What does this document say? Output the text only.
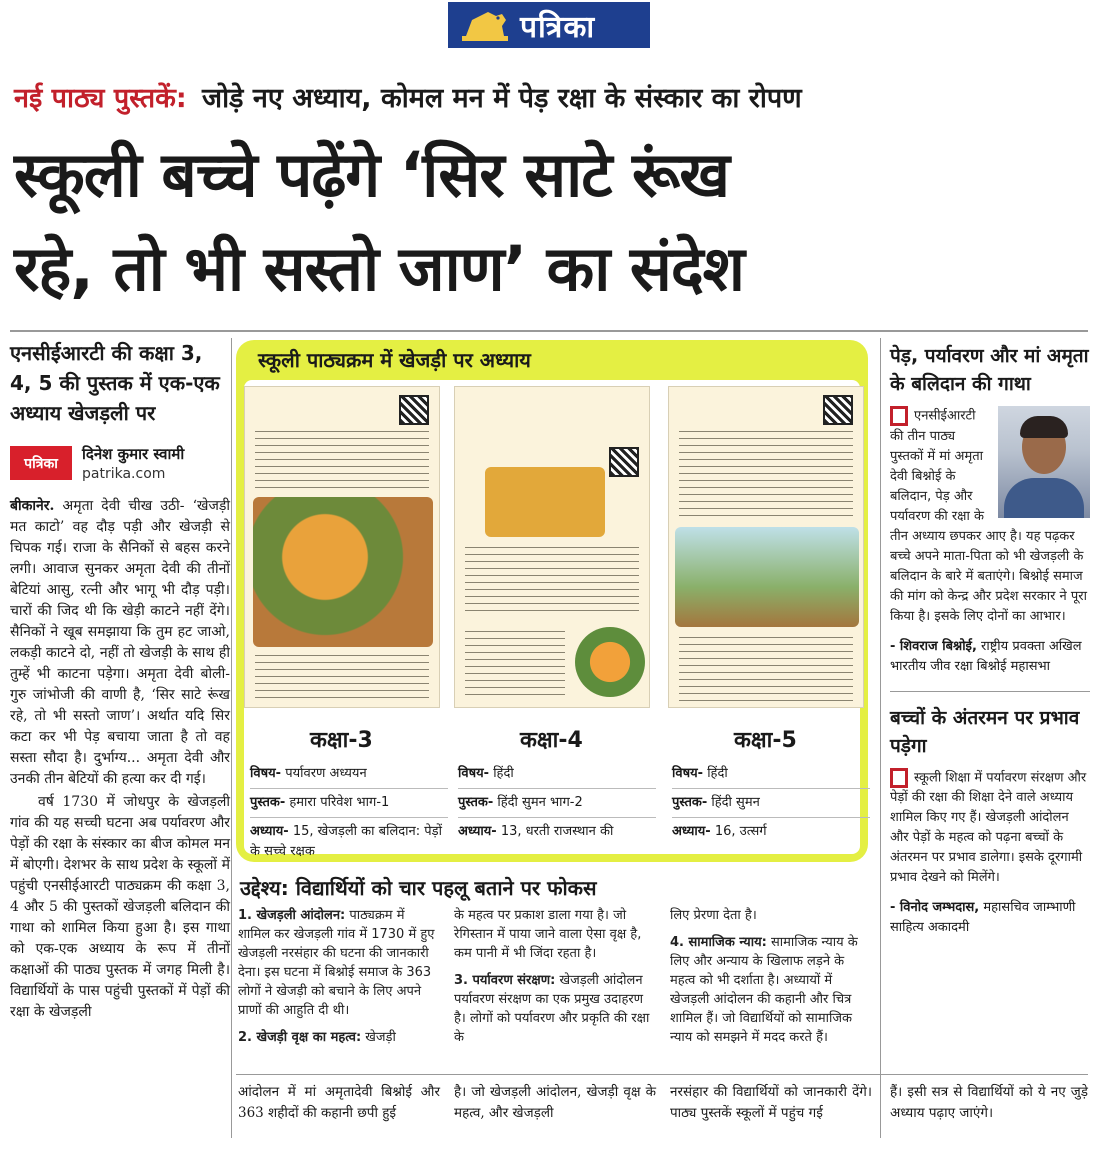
पत्रिका
नई पाठ्य पुस्तकें: जोड़े नए अध्याय, कोमल मन में पेड़ रक्षा के संस्कार का रोपण
स्कूली बच्चे पढ़ेंगे ‘सिर साटे रूंख
रहे, तो भी सस्तो जाण’ का संदेश
एनसीईआरटी की कक्षा 3, 4, 5 की पुस्तक में एक-एक अध्याय खेजड़ली पर
पत्रिका
दिनेश कुमार स्वामी
patrika.com

बीकानेर. अमृता देवी चीख उठी- ‘खेजड़ी मत काटो’ वह दौड़ पड़ी और खेजड़ी से चिपक गई। राजा के सैनिकों से बहस करने लगी। आवाज सुनकर अमृता देवी की तीनों बेटियां आसु, रत्नी और भागू भी दौड़ पड़ी। चारों की जिद थी कि खेड़ी काटने नहीं देंगे। सैनिकों ने खूब समझाया कि तुम हट जाओ, लकड़ी काटने दो, नहीं तो खेजड़ी के साथ ही तुम्हें भी काटना पड़ेगा। अमृता देवी बोली- गुरु जांभोजी की वाणी है, ‘सिर साटे रूंख रहे, तो भी सस्तो जाण’। अर्थात यदि सिर कटा कर भी पेड़ बचाया जाता है तो वह सस्ता सौदा है। दुर्भाग्य... अमृता देवी और उनकी तीन बेटियों की हत्या कर दी गई।

वर्ष 1730 में जोधपुर के खेजड़ली गांव की यह सच्ची घटना अब पर्यावरण और पेड़ों की रक्षा के संस्कार का बीज कोमल मन में बोएगी। देशभर के साथ प्रदेश के स्कूलों में पहुंची एनसीईआरटी पाठ्यक्रम की कक्षा 3, 4 और 5 की पुस्तकों खेजड़ली बलिदान की गाथा को शामिल किया हुआ है। इस गाथा को एक-एक अध्याय के रूप में तीनों कक्षाओं की पाठ्य पुस्तक में जगह मिली है। विद्यार्थियों के पास पहुंची पुस्तकों में पेड़ों की रक्षा के खेजड़ली

स्कूली पाठ्यक्रम में खेजड़ी पर अध्याय
कक्षा-3	कक्षा-4	कक्षा-5
विषय- पर्यावरण अध्ययन
पुस्तक- हमारा परिवेश भाग-1
अध्याय- 15, खेजड़ली का बलिदान: पेड़ों के सच्चे रक्षक
विषय- हिंदी
पुस्तक- हिंदी सुमन भाग-2
अध्याय- 13, धरती राजस्थान की
विषय- हिंदी
पुस्तक- हिंदी सुमन
अध्याय- 16, उत्सर्ग
उद्देश्य: विद्यार्थियों को चार पहलू बताने पर फोकस

1. खेजड़ली आंदोलन: पाठ्यक्रम में शामिल कर खेजड़ली गांव में 1730 में हुए खेजड़ली नरसंहार की घटना की जानकारी देना। इस घटना में बिश्नोई समाज के 363 लोगों ने खेजड़ी को बचाने के लिए अपने प्राणों की आहुति दी थी।

2. खेजड़ी वृक्ष का महत्व: खेजड़ी

के महत्व पर प्रकाश डाला गया है। जो रेगिस्तान में पाया जाने वाला ऐसा वृक्ष है, कम पानी में भी जिंदा रहता है।

3. पर्यावरण संरक्षण: खेजड़ली आंदोलन पर्यावरण संरक्षण का एक प्रमुख उदाहरण है। लोगों को पर्यावरण और प्रकृति की रक्षा के

लिए प्रेरणा देता है।

4. सामाजिक न्याय: सामाजिक न्याय के लिए और अन्याय के खिलाफ लड़ने के महत्व को भी दर्शाता है। अध्यायों में खेजड़ली आंदोलन की कहानी और चित्र शामिल हैं। जो विद्यार्थियों को सामाजिक न्याय को समझने में मदद करते हैं।

आंदोलन में मां अमृतादेवी बिश्नोई और 363 शहीदों की कहानी छपी हुई
है। जो खेजड़ली आंदोलन, खेजड़ी वृक्ष के महत्व, और खेजड़ली
नरसंहार की विद्यार्थियों को जानकारी देंगे। पाठ्य पुस्तकें स्कूलों में पहुंच गई
हैं। इसी सत्र से विद्यार्थियों को ये नए जुड़े अध्याय पढ़ाए जाएंगे।
पेड़, पर्यावरण और मां अमृता के बलिदान की गाथा
एनसीईआरटी की तीन पाठ्य पुस्तकों में मां अमृता देवी बिश्नोई के बलिदान, पेड़ और पर्यावरण की रक्षा के तीन अध्याय छपकर आए है। यह पढ़कर बच्चे अपने माता-पिता को भी खेजड़ली के बलिदान के बारे में बताएंगे। बिश्नोई समाज की मांग को केन्द्र और प्रदेश सरकार ने पूरा किया है। इसके लिए दोनों का आभार।
- शिवराज बिश्नोई, राष्ट्रीय प्रवक्ता अखिल भारतीय जीव रक्षा बिश्नोई महासभा
बच्चों के अंतरमन पर प्रभाव पड़ेगा
स्कूली शिक्षा में पर्यावरण संरक्षण और पेड़ों की रक्षा की शिक्षा देने वाले अध्याय शामिल किए गए हैं। खेजड़ली आंदोलन और पेड़ों के महत्व को पढ़ना बच्चों के अंतरमन पर प्रभाव डालेगा। इसके दूरगामी प्रभाव देखने को मिलेंगे।
- विनोद जम्भदास, महासचिव जाम्भाणी साहित्य अकादमी
